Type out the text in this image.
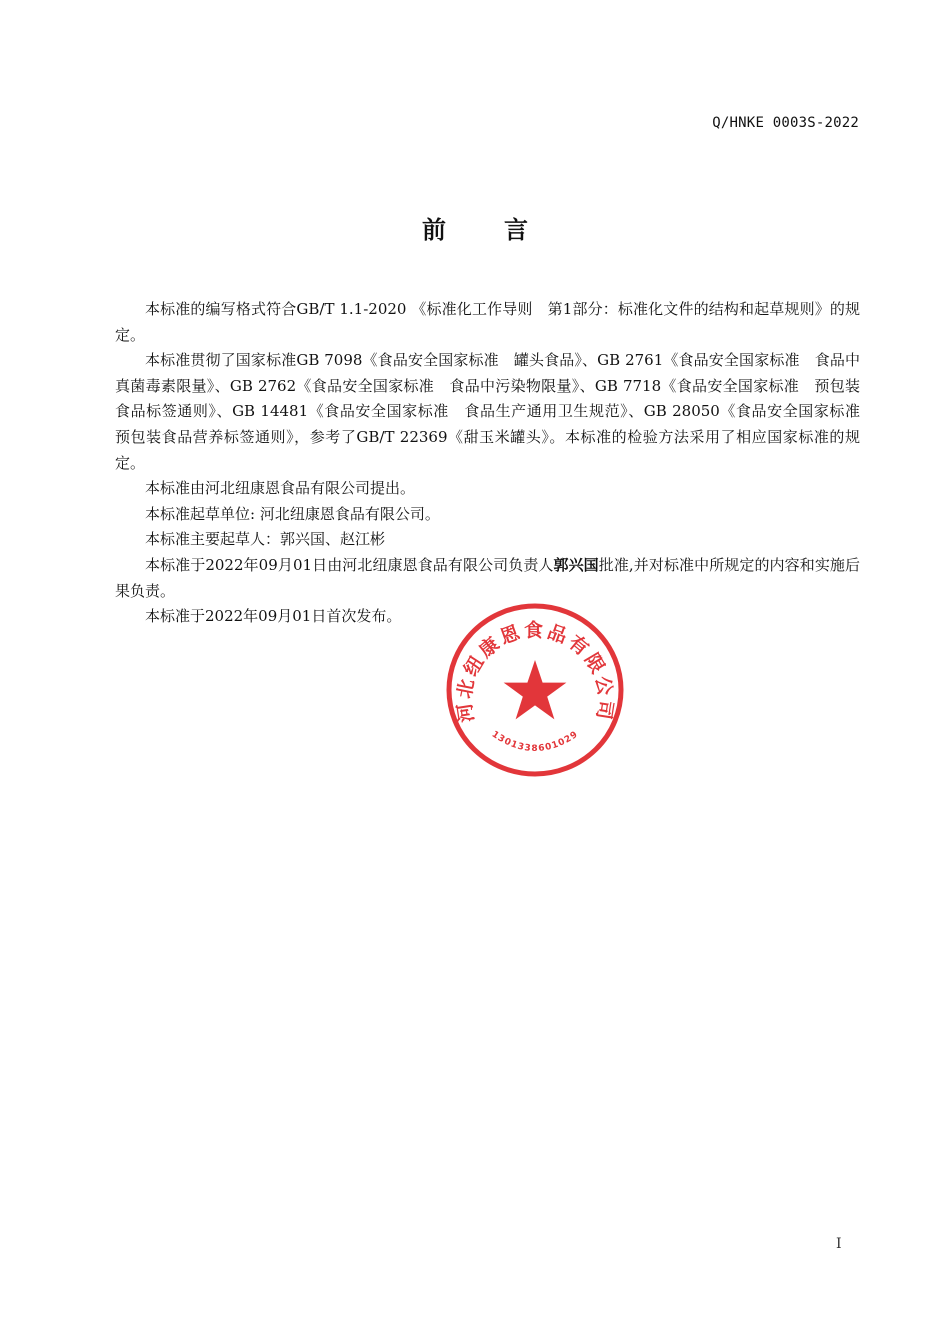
Q/HNKE 0003S-2022
前 言

本标准的编写格式符合GB/T 1.1-2020 《标准化工作导则　第1部分：标准化文件的结构和起草规则》的规定。

本标准贯彻了国家标准GB 7098《食品安全国家标准　罐头食品》、GB 2761《食品安全国家标准　食品中真菌毒素限量》、GB 2762《食品安全国家标准　食品中污染物限量》、GB 7718《食品安全国家标准　预包装食品标签通则》、GB 14481《食品安全国家标准　食品生产通用卫生规范》、GB 28050《食品安全国家标准　预包装食品营养标签通则》，参考了GB/T 22369《甜玉米罐头》。本标准的检验方法采用了相应国家标准的规定。

本标准由河北纽康恩食品有限公司提出。

本标准起草单位: 河北纽康恩食品有限公司。

本标准主要起草人：郭兴国、赵江彬

本标准于2022年09月01日由河北纽康恩食品有限公司负责人郭兴国批准,并对标准中所规定的内容和实施后果负责。

本标准于2022年09月01日首次发布。

河北纽康恩食品有限公司
1301338601029
I
